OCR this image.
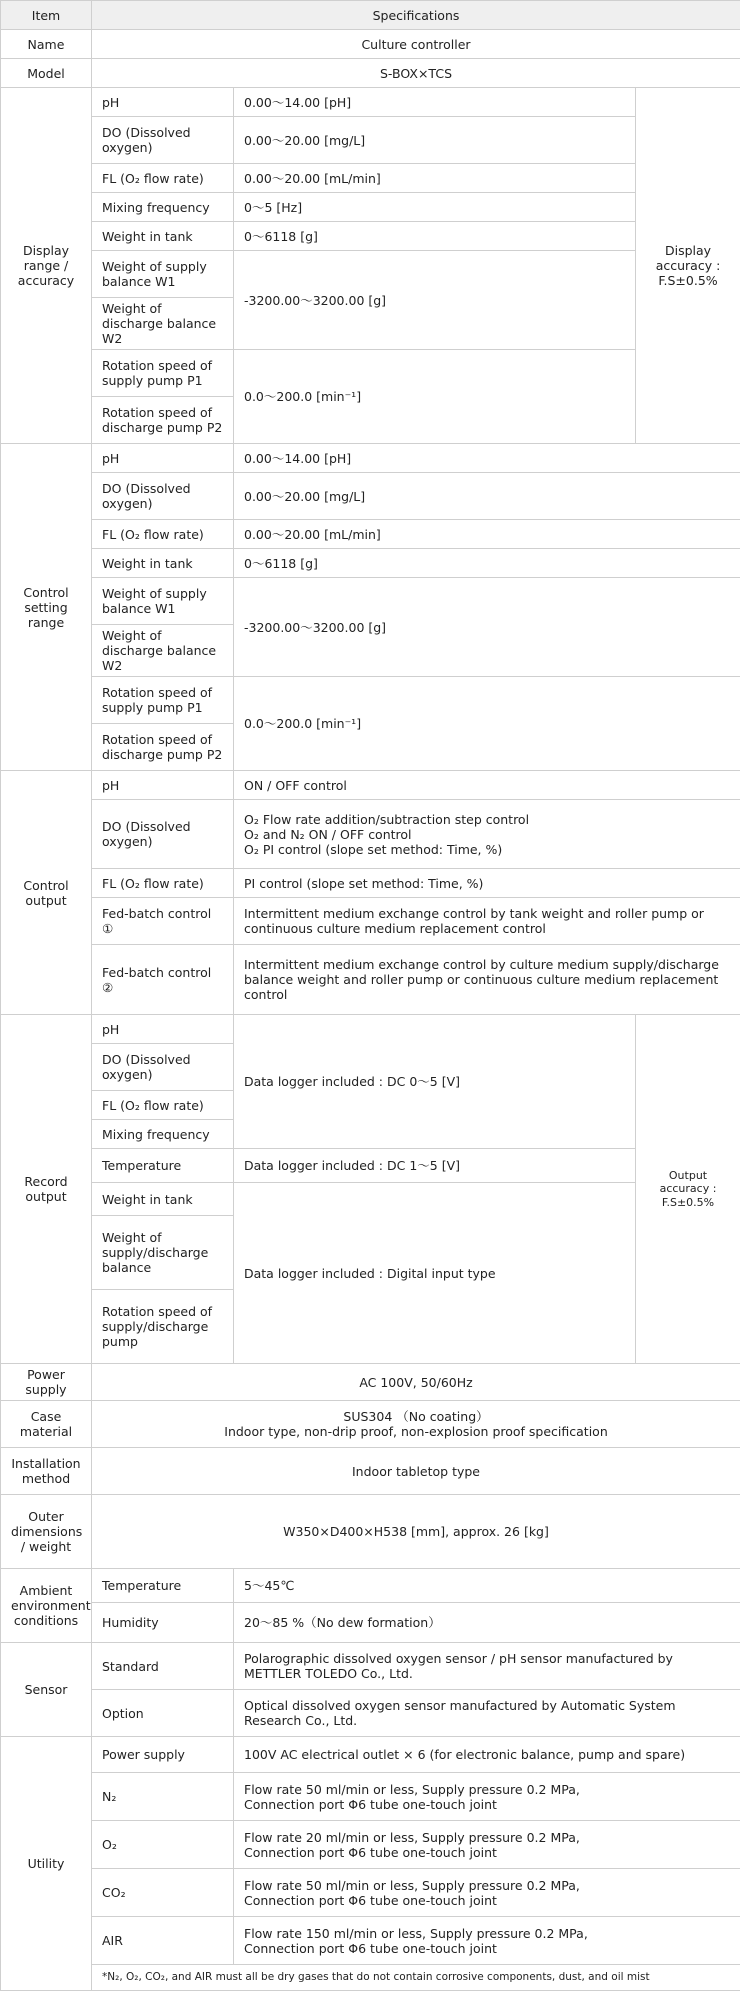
Item	Specifications		
Name	Culture controller		
Model	S-BOX×TCS		
Display range / accuracy	pH	0.00～14.00 [pH]	Display accuracy : F.S±0.5%
	DO (Dissolved oxygen)	0.00～20.00 [mg/L]	
	FL (O₂ flow rate)	0.00～20.00 [mL/min]	
	Mixing frequency	0～5 [Hz]	
	Weight in tank	0～6118 [g]	
	Weight of supply balance W1	-3200.00～3200.00 [g]	
	Weight of discharge balance W2		
	Rotation speed of supply pump P1	0.0～200.0 [min⁻¹]	
	Rotation speed of discharge pump P2		
Control setting range	pH	0.00～14.00 [pH]	
	DO (Dissolved oxygen)	0.00～20.00 [mg/L]	
	FL (O₂ flow rate)	0.00～20.00 [mL/min]	
	Weight in tank	0～6118 [g]	
	Weight of supply balance W1	-3200.00～3200.00 [g]	
	Weight of discharge balance W2		
	Rotation speed of supply pump P1	0.0～200.0 [min⁻¹]	
	Rotation speed of discharge pump P2		
Control output	pH	ON / OFF control	
	DO (Dissolved oxygen)	O₂ Flow rate addition/subtraction step control
O₂ and N₂ ON / OFF control
O₂ PI control (slope set method: Time, %)	

	FL (O₂ flow rate)	PI control (slope set method: Time, %)	
	Fed-batch control ①	Intermittent medium exchange control by tank weight and roller pump or continuous culture medium replacement control	
	Fed-batch control ②	Intermittent medium exchange control by culture medium supply/discharge balance weight and roller pump or continuous culture medium replacement control	
Record output	pH	Data logger included : DC 0～5 [V]	Output accuracy : F.S±0.5%
	DO (Dissolved oxygen)		
	FL (O₂ flow rate)		
	Mixing frequency		
	Temperature	Data logger included : DC 1～5 [V]	
	Weight in tank	Data logger included : Digital input type	
	Weight of supply/discharge balance		
	Rotation speed of supply/discharge pump		
Power supply	AC 100V, 50/60Hz		
Case material	SUS304 （No coating）
Indoor type, non-drip proof, non-explosion proof specification		

Installation method	Indoor tabletop type		
Outer dimensions / weight	W350×D400×H538 [mm], approx. 26 [kg]		
Ambient environment conditions	Temperature	5～45℃	
	Humidity	20～85 %（No dew formation）	
Sensor	Standard	Polarographic dissolved oxygen sensor / pH sensor manufactured by METTLER TOLEDO Co., Ltd.	
	Option	Optical dissolved oxygen sensor manufactured by Automatic System Research Co., Ltd.	
Utility	Power supply	100V AC electrical outlet × 6 (for electronic balance, pump and spare)	
	N₂	Flow rate 50 ml/min or less, Supply pressure 0.2 MPa,
Connection port Φ6 tube one-touch joint	

	O₂	Flow rate 20 ml/min or less, Supply pressure 0.2 MPa,
Connection port Φ6 tube one-touch joint	

	CO₂	Flow rate 50 ml/min or less, Supply pressure 0.2 MPa,
Connection port Φ6 tube one-touch joint	

	AIR	Flow rate 150 ml/min or less, Supply pressure 0.2 MPa,
Connection port Φ6 tube one-touch joint	

	*N₂, O₂, CO₂, and AIR must all be dry gases that do not contain corrosive components, dust, and oil mist		
